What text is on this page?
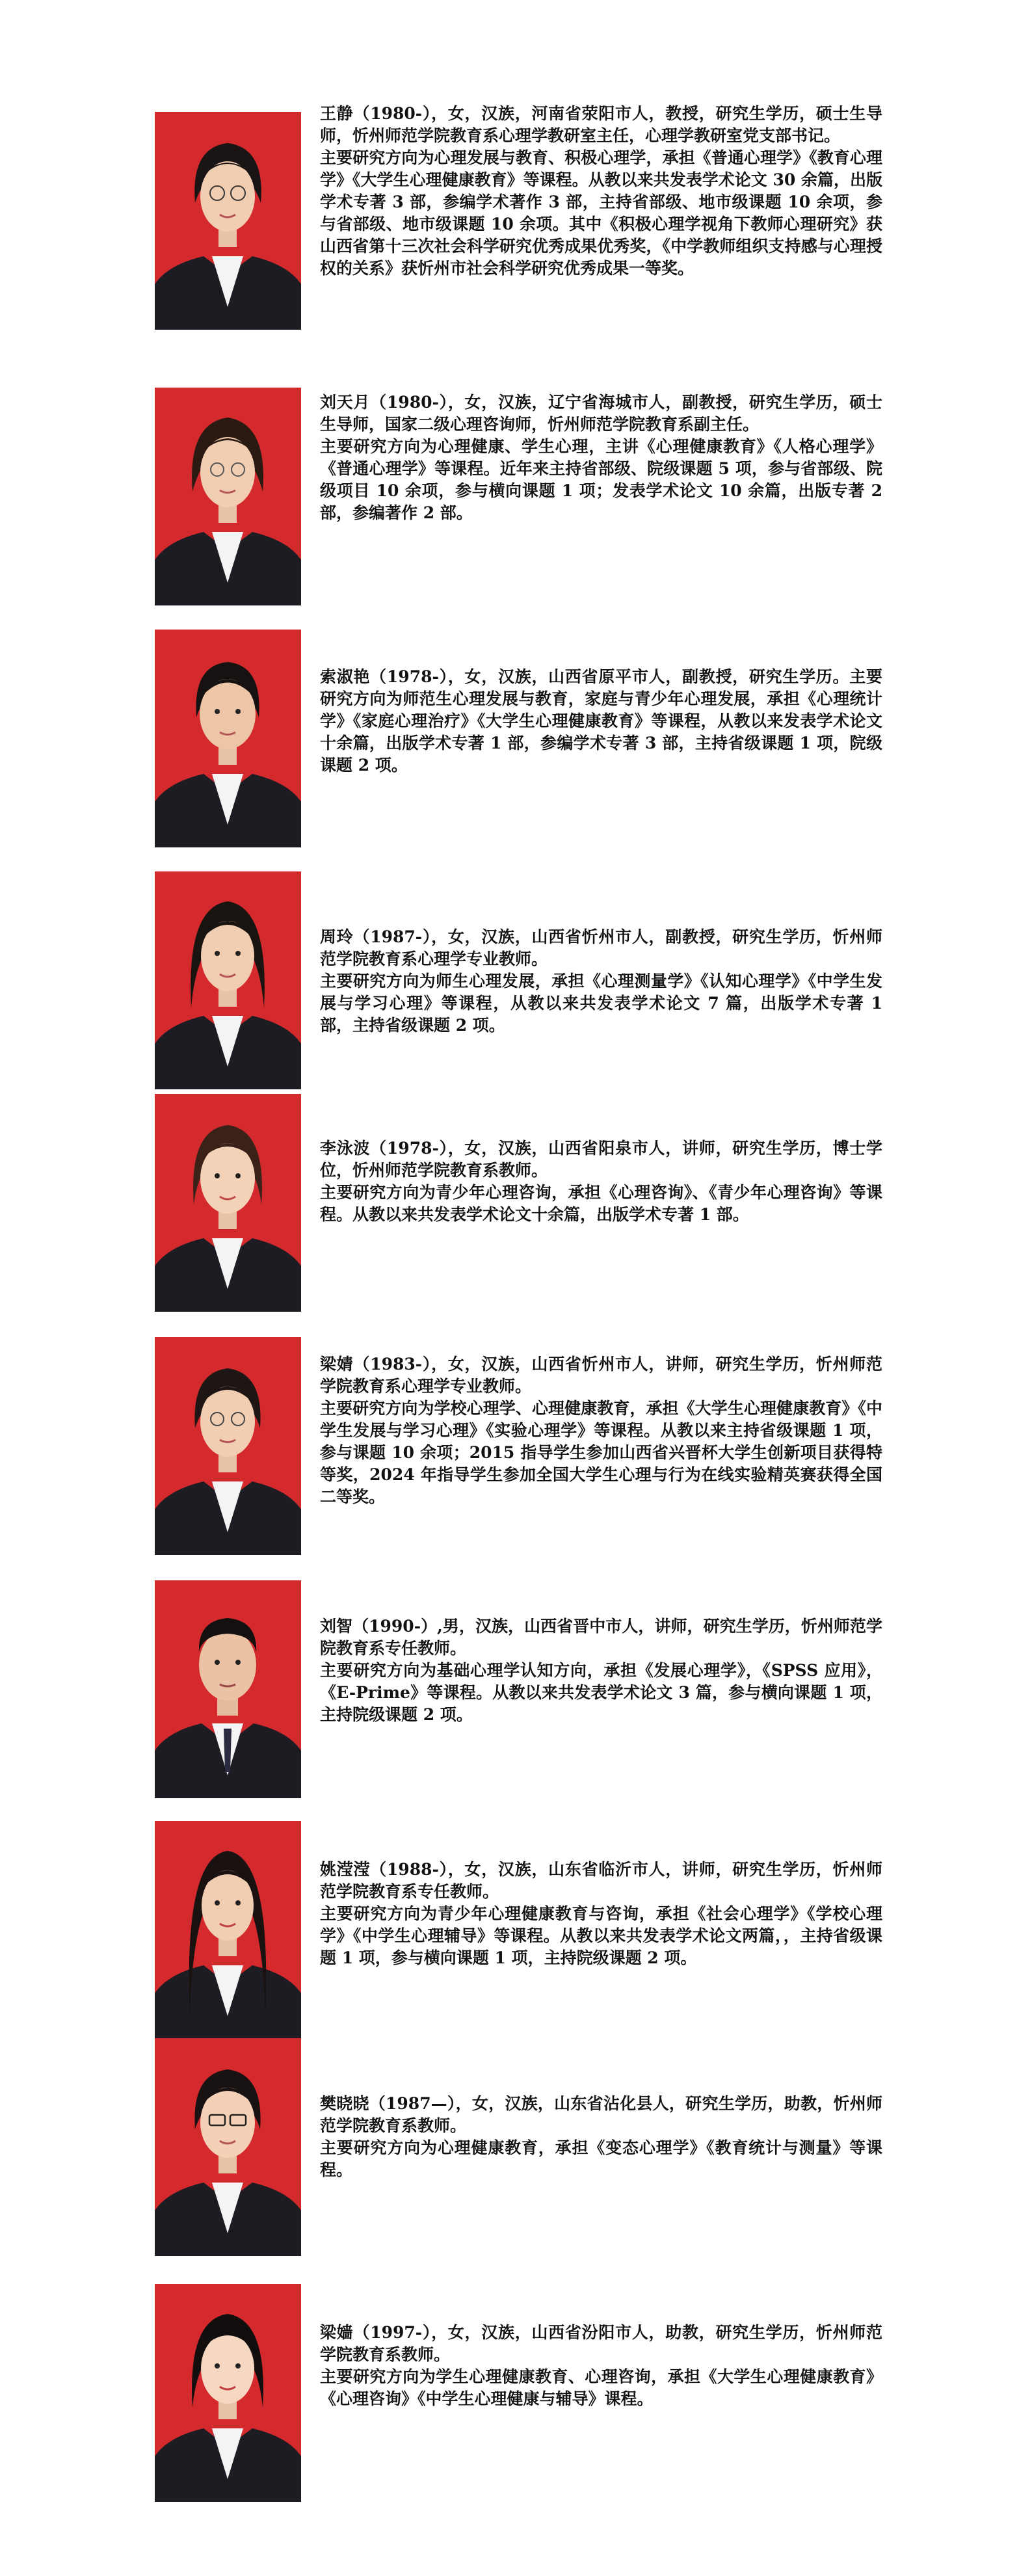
王静（1980-），女，汉族，河南省荥阳市人，教授，研究生学历，硕士生导师，忻州师范学院教育系心理学教研室主任，心理学教研室党支部书记。

主要研究方向为心理发展与教育、积极心理学，承担《普通心理学》《教育心理学》《大学生心理健康教育》等课程。从教以来共发表学术论文 30 余篇，出版学术专著 3 部，参编学术著作 3 部，主持省部级、地市级课题 10 余项，参与省部级、地市级课题 10 余项。其中《积极心理学视角下教师心理研究》获山西省第十三次社会科学研究优秀成果优秀奖，《中学教师组织支持感与心理授权的关系》获忻州市社会科学研究优秀成果一等奖。

刘天月（1980-），女，汉族，辽宁省海城市人，副教授，研究生学历，硕士生导师，国家二级心理咨询师，忻州师范学院教育系副主任。

主要研究方向为心理健康、学生心理，主讲《心理健康教育》《人格心理学》《普通心理学》等课程。近年来主持省部级、院级课题 5 项，参与省部级、院级项目 10 余项，参与横向课题 1 项；发表学术论文 10 余篇，出版专著 2 部，参编著作 2 部。

索淑艳（1978-），女，汉族，山西省原平市人，副教授，研究生学历。主要研究方向为师范生心理发展与教育，家庭与青少年心理发展，承担《心理统计学》《家庭心理治疗》《大学生心理健康教育》等课程，从教以来发表学术论文十余篇，出版学术专著 1 部，参编学术专著 3 部，主持省级课题 1 项，院级课题 2 项。

周玲（1987-），女，汉族，山西省忻州市人，副教授，研究生学历，忻州师范学院教育系心理学专业教师。

主要研究方向为师生心理发展，承担《心理测量学》《认知心理学》《中学生发展与学习心理》等课程，从教以来共发表学术论文 7 篇，出版学术专著 1 部，主持省级课题 2 项。

李泳波（1978-），女，汉族，山西省阳泉市人，讲师，研究生学历，博士学位，忻州师范学院教育系教师。

主要研究方向为青少年心理咨询，承担《心理咨询》、《青少年心理咨询》等课程。从教以来共发表学术论文十余篇，出版学术专著 1 部。

梁婧（1983-），女，汉族，山西省忻州市人，讲师，研究生学历，忻州师范学院教育系心理学专业教师。

主要研究方向为学校心理学、心理健康教育，承担《大学生心理健康教育》《中学生发展与学习心理》《实验心理学》等课程。从教以来主持省级课题 1 项，参与课题 10 余项；2015 指导学生参加山西省兴晋杯大学生创新项目获得特等奖，2024 年指导学生参加全国大学生心理与行为在线实验精英赛获得全国二等奖。

刘智（1990-）,男，汉族，山西省晋中市人，讲师，研究生学历，忻州师范学院教育系专任教师。

主要研究方向为基础心理学认知方向，承担《发展心理学》，《SPSS 应用》，《E-Prime》等课程。从教以来共发表学术论文 3 篇，参与横向课题 1 项，主持院级课题 2 项。

姚滢滢（1988-），女，汉族，山东省临沂市人，讲师，研究生学历，忻州师范学院教育系专任教师。

主要研究方向为青少年心理健康教育与咨询，承担《社会心理学》《学校心理学》《中学生心理辅导》等课程。从教以来共发表学术论文两篇，，主持省级课题 1 项，参与横向课题 1 项，主持院级课题 2 项。

樊晓晓（1987—），女，汉族，山东省沾化县人，研究生学历，助教，忻州师范学院教育系教师。

主要研究方向为心理健康教育，承担《变态心理学》《教育统计与测量》等课程。

梁嫱（1997-），女，汉族，山西省汾阳市人，助教，研究生学历，忻州师范学院教育系教师。

主要研究方向为学生心理健康教育、心理咨询，承担《大学生心理健康教育》《心理咨询》《中学生心理健康与辅导》课程。
